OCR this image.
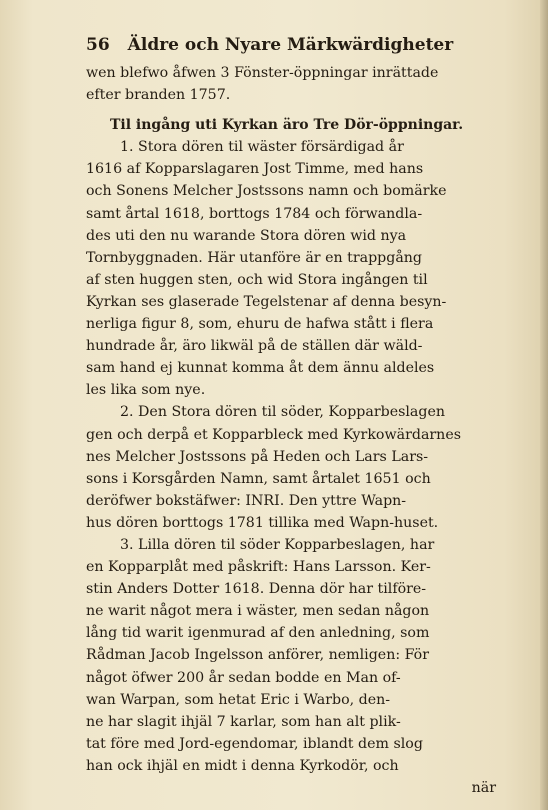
56 Äldre och Nyare Märkwärdigheter
wen blefwo åfwen 3 Fönster-öppningar inrättade
efter branden 1757.
Til ingång uti Kyrkan äro Tre Dör-öppningar.
1. Stora dören til wäster försärdigad år
1616 af Kopparslagaren Jost Timme, med hans
och Sonens Melcher Jostssons namn och bomärke
samt årtal 1618, borttogs 1784 och förwandla-
des uti den nu warande Stora dören wid nya
Tornbyggnaden. Här utanföre är en trappgång
af sten huggen sten, och wid Stora ingången til
Kyrkan ses glaserade Tegelstenar af denna besyn-
nerliga figur 8, som, ehuru de hafwa stått i flera
hundrade år, äro likwäl på de ställen där wäld-
sam hand ej kunnat komma åt dem ännu aldeles
les lika som nye.
2. Den Stora dören til söder, Kopparbeslagen
gen och derpå et Kopparbleck med Kyrkowärdarnes
nes Melcher Jostssons på Heden och Lars Lars-
sons i Korsgården Namn, samt årtalet 1651 och
deröfwer bokstäfwer: INRI. Den yttre Wapn-
hus dören borttogs 1781 tillika med Wapn-huset.
3. Lilla dören til söder Kopparbeslagen, har
en Kopparplåt med påskrift: Hans Larsson. Ker-
stin Anders Dotter 1618. Denna dör har tilföre-
ne warit något mera i wäster, men sedan någon
lång tid warit igenmurad af den anledning, som
Rådman Jacob Ingelsson anförer, nemligen: För
något öfwer 200 år sedan bodde en Man of-
wan Warpan, som hetat Eric i Warbo, den-
ne har slagit ihjäl 7 karlar, som han alt plik-
tat före med Jord-egendomar, iblandt dem slog
han ock ihjäl en midt i denna Kyrkodör, och
när
